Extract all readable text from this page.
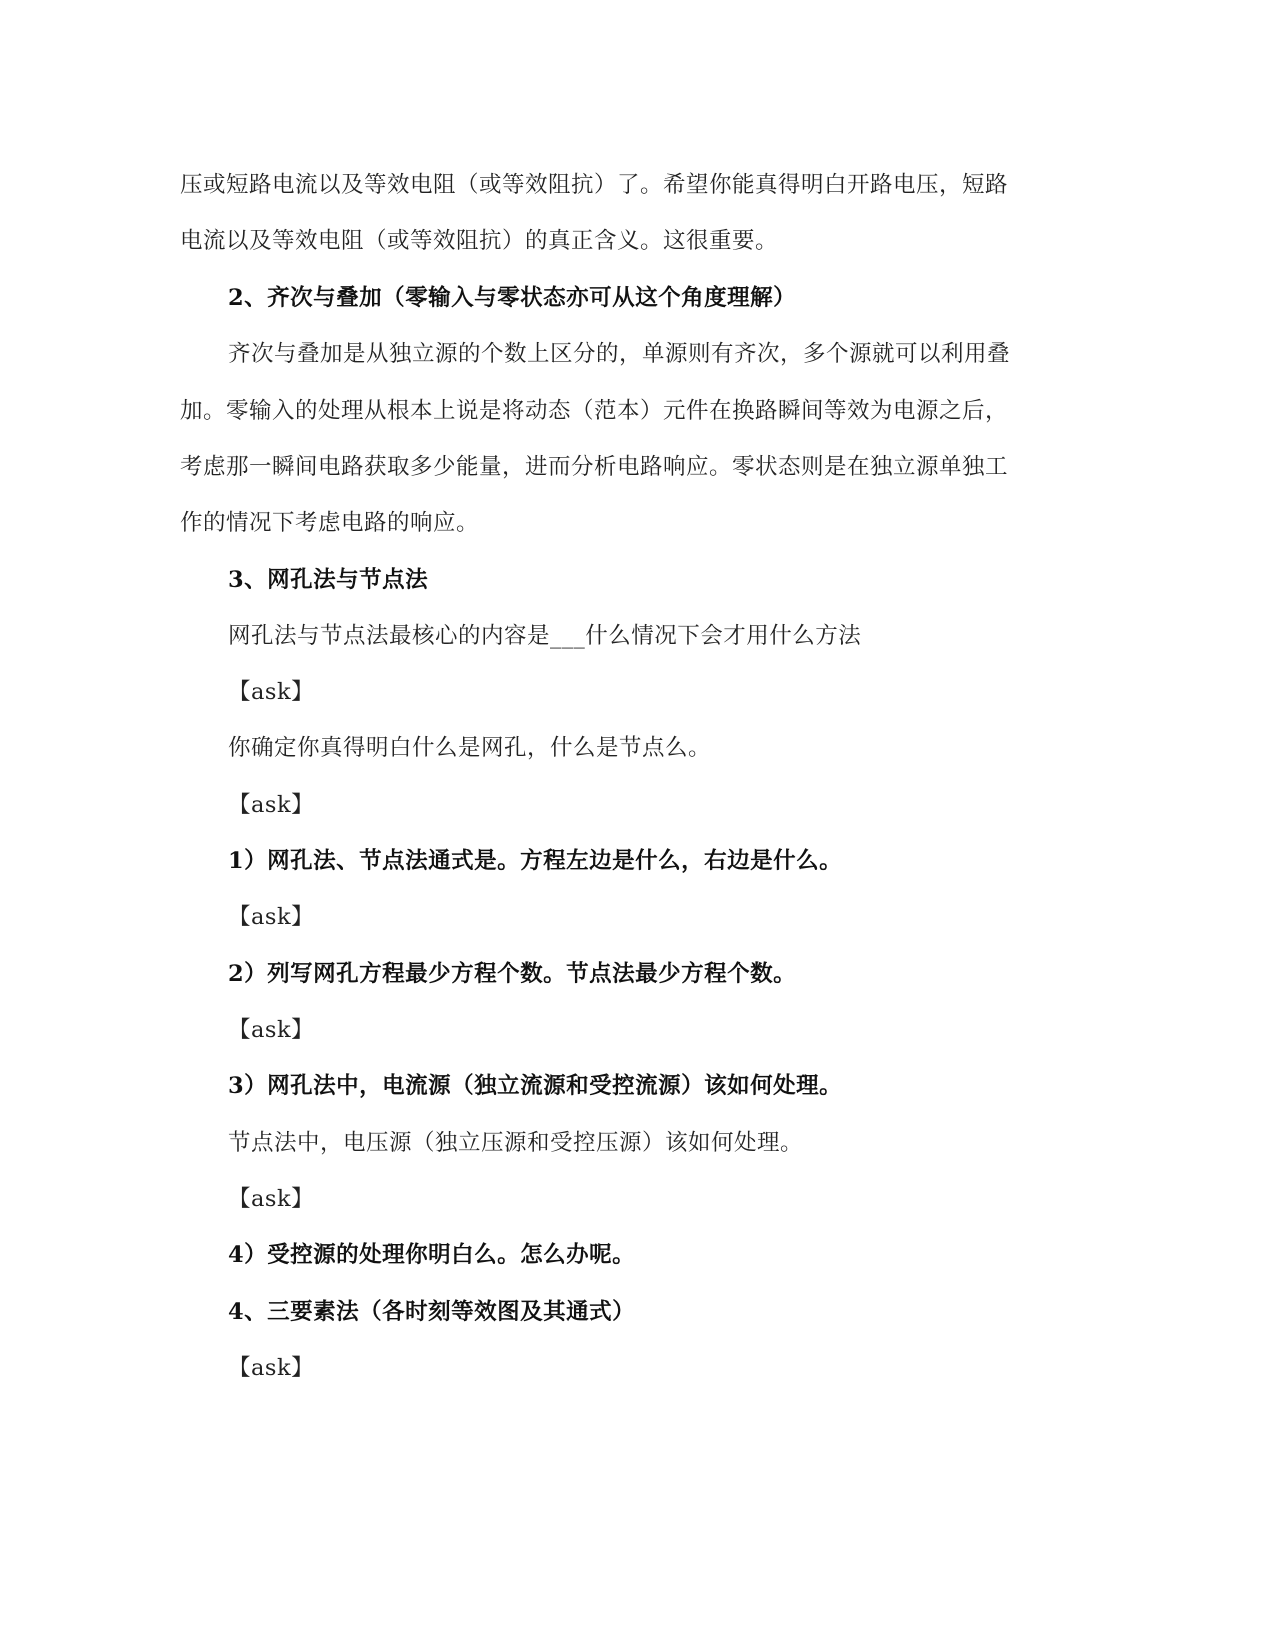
压或短路电流以及等效电阻（或等效阻抗）了。希望你能真得明白开路电压，短路
电流以及等效电阻（或等效阻抗）的真正含义。这很重要。
2、齐次与叠加（零输入与零状态亦可从这个角度理解）
齐次与叠加是从独立源的个数上区分的，单源则有齐次，多个源就可以利用叠
加。零输入的处理从根本上说是将动态（范本）元件在换路瞬间等效为电源之后，
考虑那一瞬间电路获取多少能量，进而分析电路响应。零状态则是在独立源单独工
作的情况下考虑电路的响应。
3、网孔法与节点法
网孔法与节点法最核心的内容是___什么情况下会才用什么方法
【ask】
你确定你真得明白什么是网孔，什么是节点么。
【ask】
1）网孔法、节点法通式是。方程左边是什么，右边是什么。
【ask】
2）列写网孔方程最少方程个数。节点法最少方程个数。
【ask】
3）网孔法中，电流源（独立流源和受控流源）该如何处理。
节点法中，电压源（独立压源和受控压源）该如何处理。
【ask】
4）受控源的处理你明白么。怎么办呢。
4、三要素法（各时刻等效图及其通式）
【ask】
